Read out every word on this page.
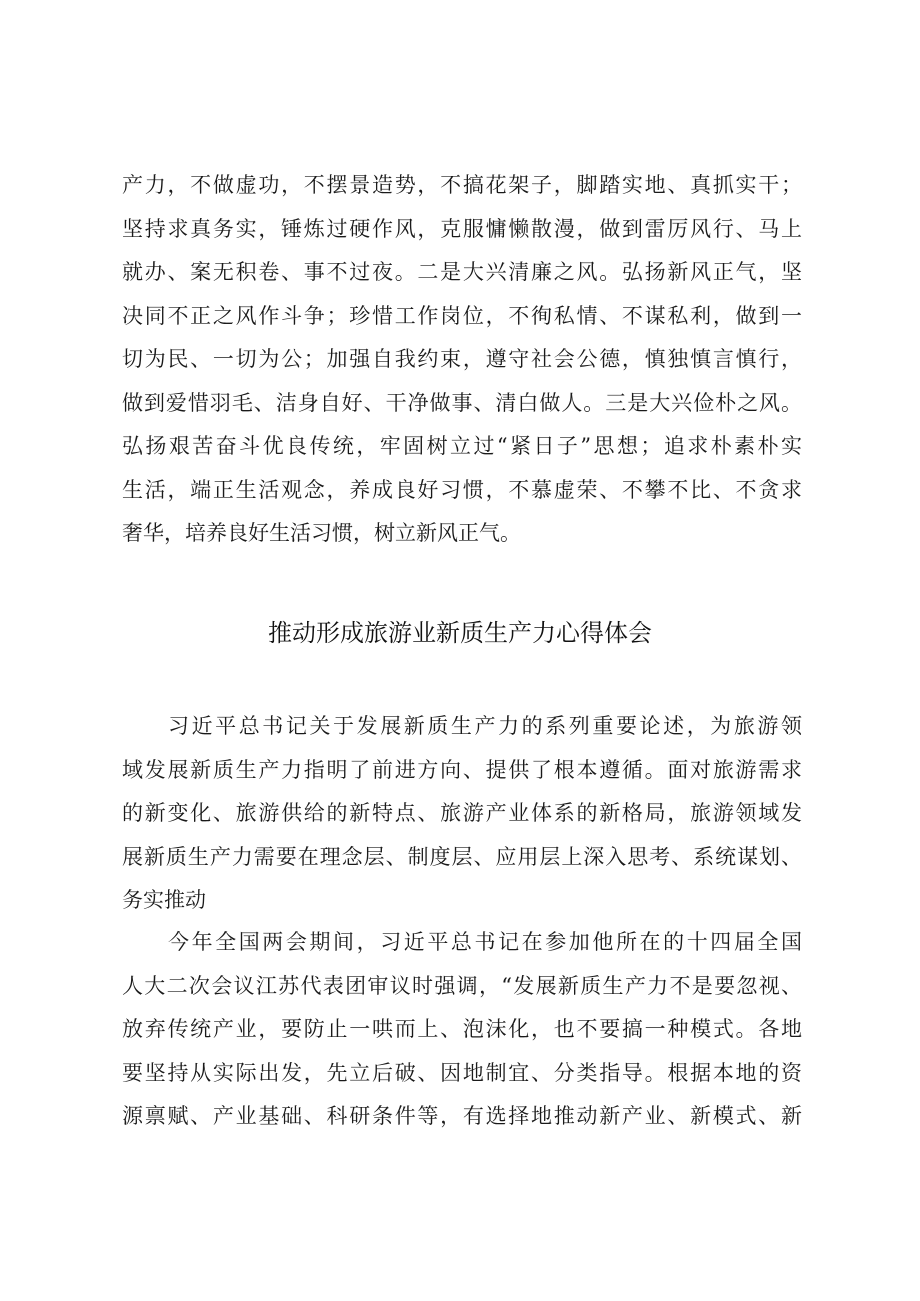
产力，不做虚功，不摆景造势，不搞花架子，脚踏实地、真抓实干；
坚持求真务实，锤炼过硬作风，克服慵懒散漫，做到雷厉风行、马上
就办、案无积卷、事不过夜。二是大兴清廉之风。弘扬新风正气，坚
决同不正之风作斗争；珍惜工作岗位，不徇私情、不谋私利，做到一
切为民、一切为公；加强自我约束，遵守社会公德，慎独慎言慎行，
做到爱惜羽毛、洁身自好、干净做事、清白做人。三是大兴俭朴之风。
弘扬艰苦奋斗优良传统，牢固树立过“紧日子”思想；追求朴素朴实
生活，端正生活观念，养成良好习惯，不慕虚荣、不攀不比、不贪求
奢华，培养良好生活习惯，树立新风正气。
推动形成旅游业新质生产力心得体会
习近平总书记关于发展新质生产力的系列重要论述，为旅游领
域发展新质生产力指明了前进方向、提供了根本遵循。面对旅游需求
的新变化、旅游供给的新特点、旅游产业体系的新格局，旅游领域发
展新质生产力需要在理念层、制度层、应用层上深入思考、系统谋划、
务实推动
今年全国两会期间，习近平总书记在参加他所在的十四届全国
人大二次会议江苏代表团审议时强调，“发展新质生产力不是要忽视、
放弃传统产业，要防止一哄而上、泡沫化，也不要搞一种模式。各地
要坚持从实际出发，先立后破、因地制宜、分类指导。根据本地的资
源禀赋、产业基础、科研条件等，有选择地推动新产业、新模式、新
